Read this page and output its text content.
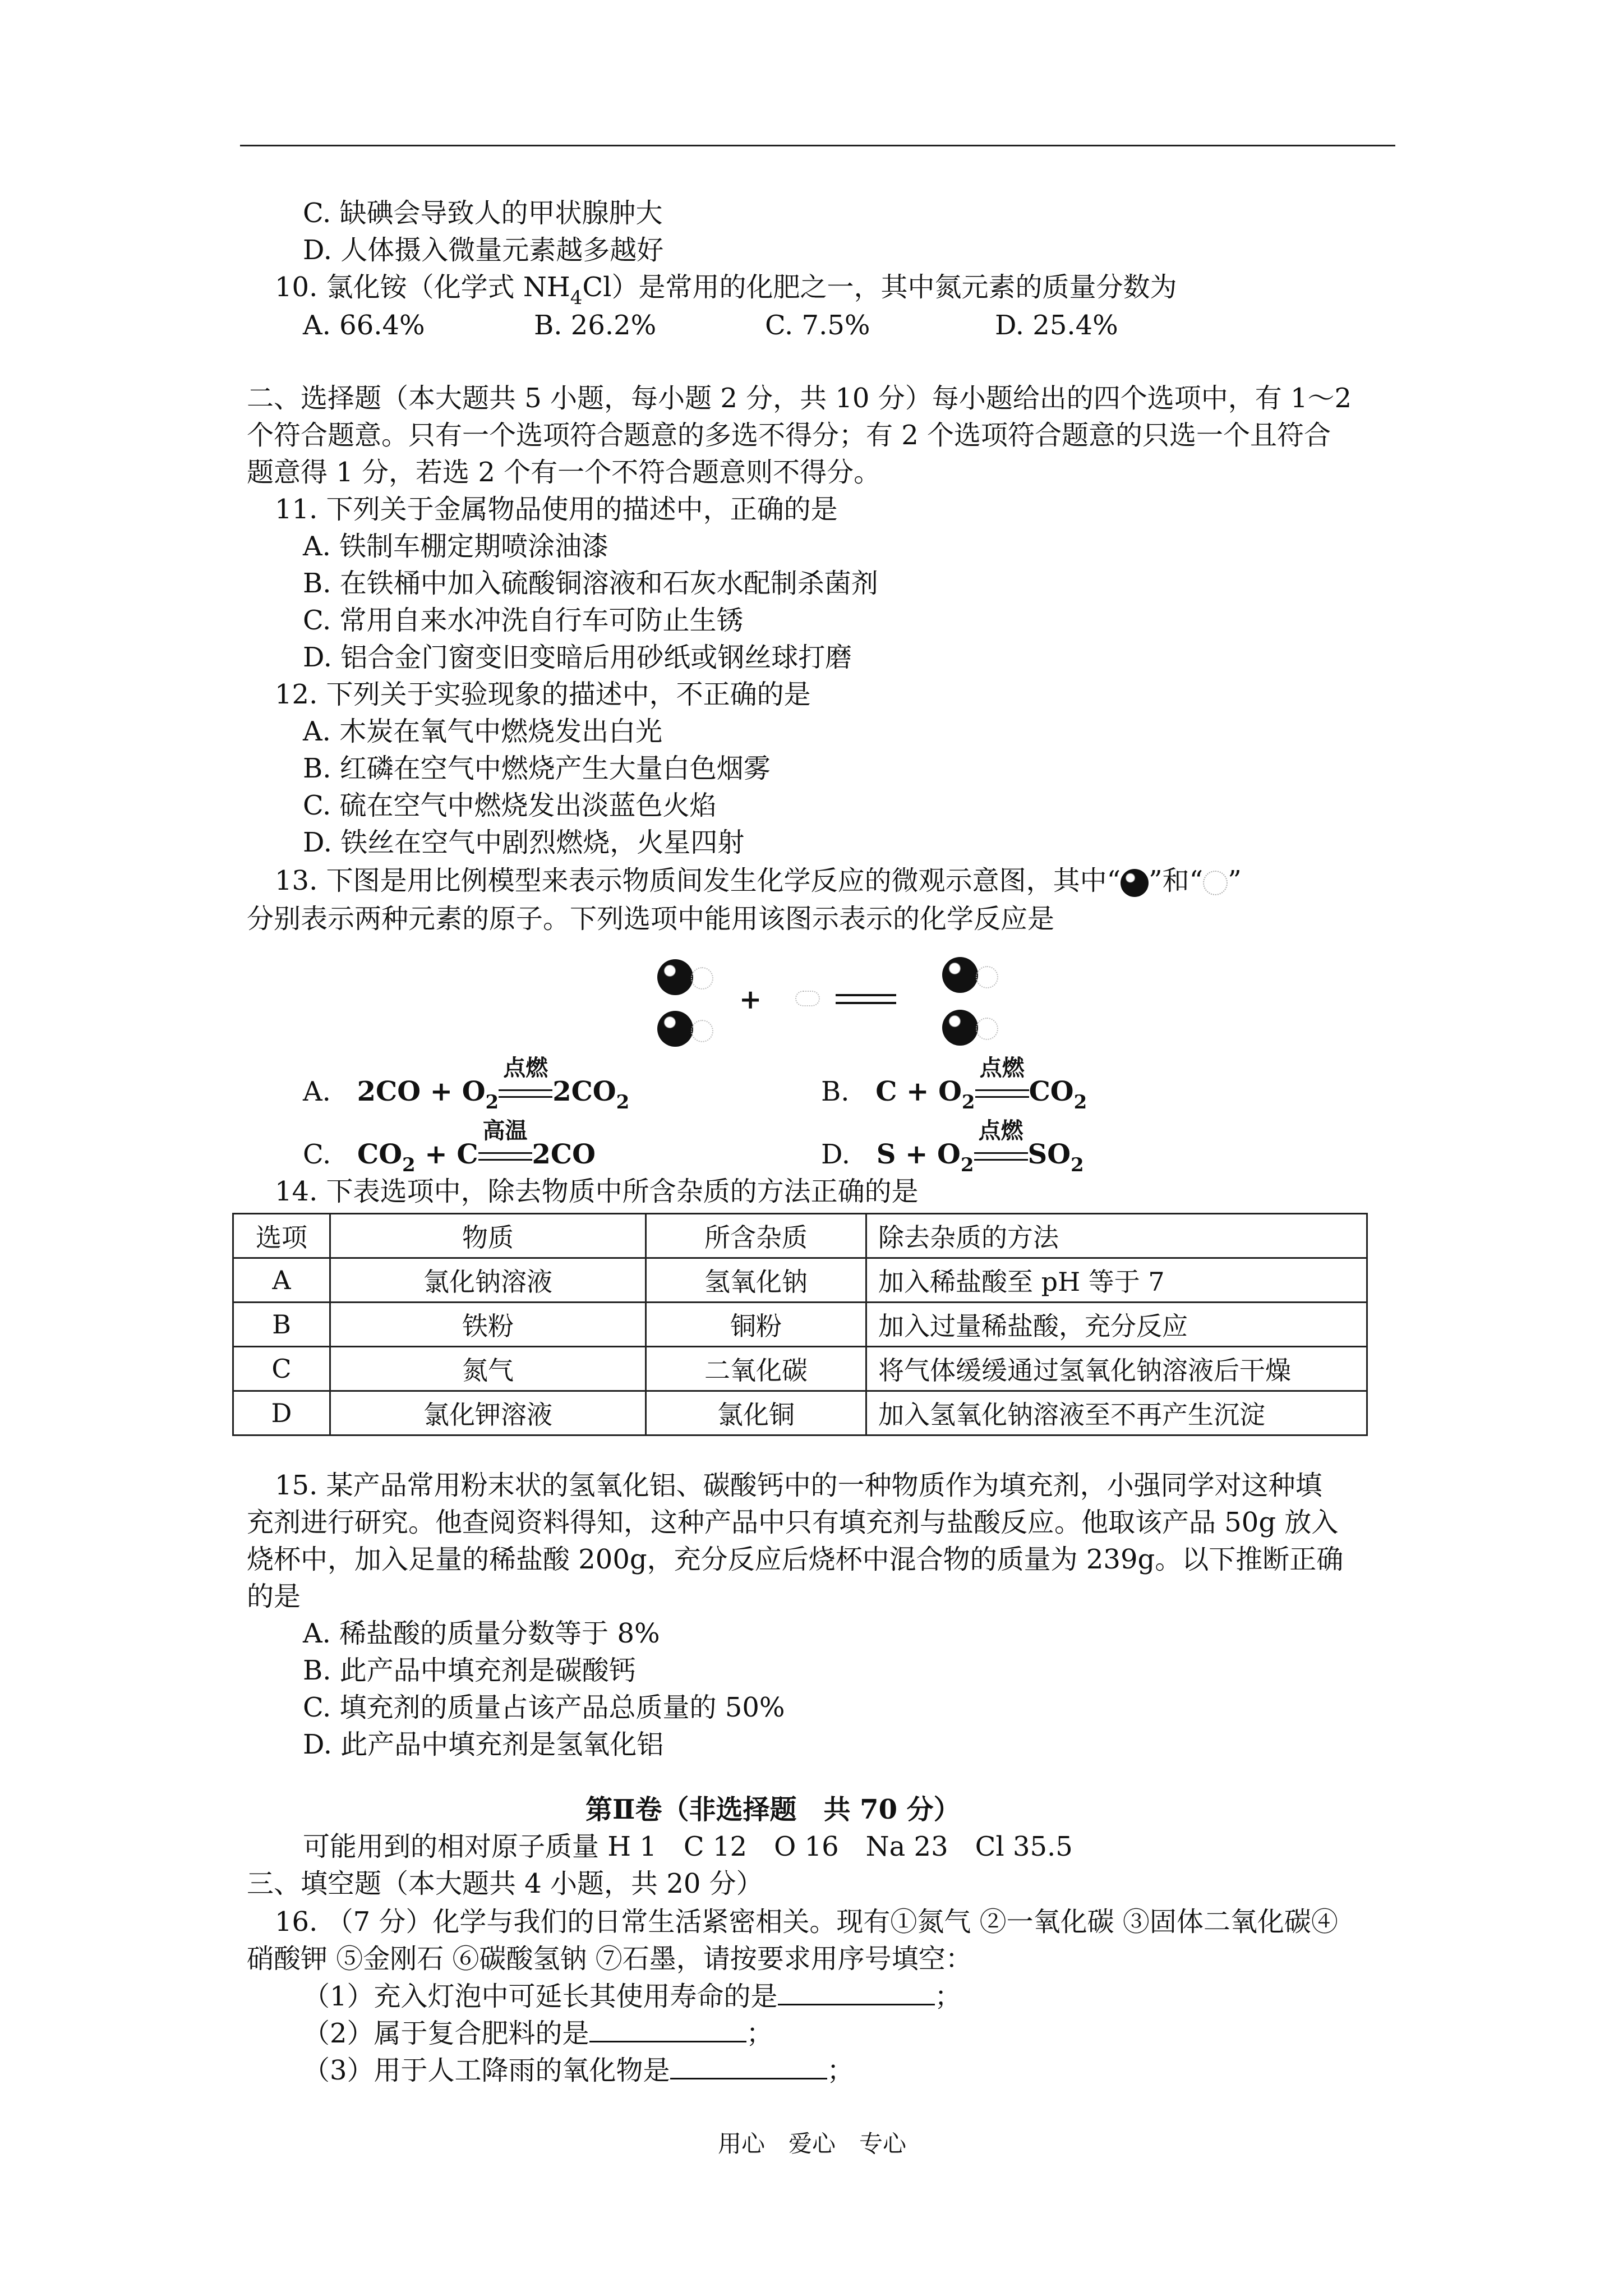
C. 缺碘会导致人的甲状腺肿大
D. 人体摄入微量元素越多越好
10. 氯化铵（化学式 $NH_4Cl$）是常用的化肥之一，其中氮元素的质量分数为
A. 66.4%	B. 26.2%	C. 7.5%	D. 25.4%
二、选择题（本大题共 5 小题，每小题 2 分，共 10 分）每小题给出的四个选项中，有 1～2
个符合题意。只有一个选项符合题意的多选不得分；有 2 个选项符合题意的只选一个且符合
题意得 1 分，若选 2 个有一个不符合题意则不得分。
11. 下列关于金属物品使用的描述中，正确的是
A. 铁制车棚定期喷涂油漆
B. 在铁桶中加入硫酸铜溶液和石灰水配制杀菌剂
C. 常用自来水冲洗自行车可防止生锈
D. 铝合金门窗变旧变暗后用砂纸或钢丝球打磨
12. 下列关于实验现象的描述中，不正确的是
A. 木炭在氧气中燃烧发出白光
B. 红磷在空气中燃烧产生大量白色烟雾
C. 硫在空气中燃烧发出淡蓝色火焰
D. 铁丝在空气中剧烈燃烧，火星四射
13. 下图是用比例模型来表示物质间发生化学反应的微观示意图，其中“ ”和“ ”
分别表示两种元素的原子。下列选项中能用该图示表示的化学反应是
+
A. $2CO + O_2$
点燃
$2CO_2$	B. $C + O_2$
点燃
$CO_2$
C. $CO_2 + C$
高温
2CO	D. $S + O_2$
点燃
$SO_2$
14. 下表选项中，除去物质中所含杂质的方法正确的是
选项	物质	所含杂质	除去杂质的方法
A	氯化钠溶液	氢氧化钠	加入稀盐酸至 pH 等于 7
B	铁粉	铜粉	加入过量稀盐酸，充分反应
C	氮气	二氧化碳	将气体缓缓通过氢氧化钠溶液后干燥
D	氯化钾溶液	氯化铜	加入氢氧化钠溶液至不再产生沉淀
15. 某产品常用粉末状的氢氧化铝、碳酸钙中的一种物质作为填充剂，小强同学对这种填
充剂进行研究。他查阅资料得知，这种产品中只有填充剂与盐酸反应。他取该产品 50g 放入
烧杯中，加入足量的稀盐酸 200g，充分反应后烧杯中混合物的质量为 239g。以下推断正确
的是
A. 稀盐酸的质量分数等于 8%
B. 此产品中填充剂是碳酸钙
C. 填充剂的质量占该产品总质量的 50%
D. 此产品中填充剂是氢氧化铝
第Ⅱ卷（非选择题　共 70 分）
可能用到的相对原子质量 H 1　C 12　O 16　Na 23　Cl 35.5
三、填空题（本大题共 4 小题，共 20 分）
16. （7 分）化学与我们的日常生活紧密相关。现有①氮气 ②一氧化碳 ③固体二氧化碳④
硝酸钾 ⑤金刚石 ⑥碳酸氢钠 ⑦石墨，请按要求用序号填空：
（1）充入灯泡中可延长其使用寿命的是	；
（2）属于复合肥料的是	；
（3）用于人工降雨的氧化物是	；
用心　爱心　专心
